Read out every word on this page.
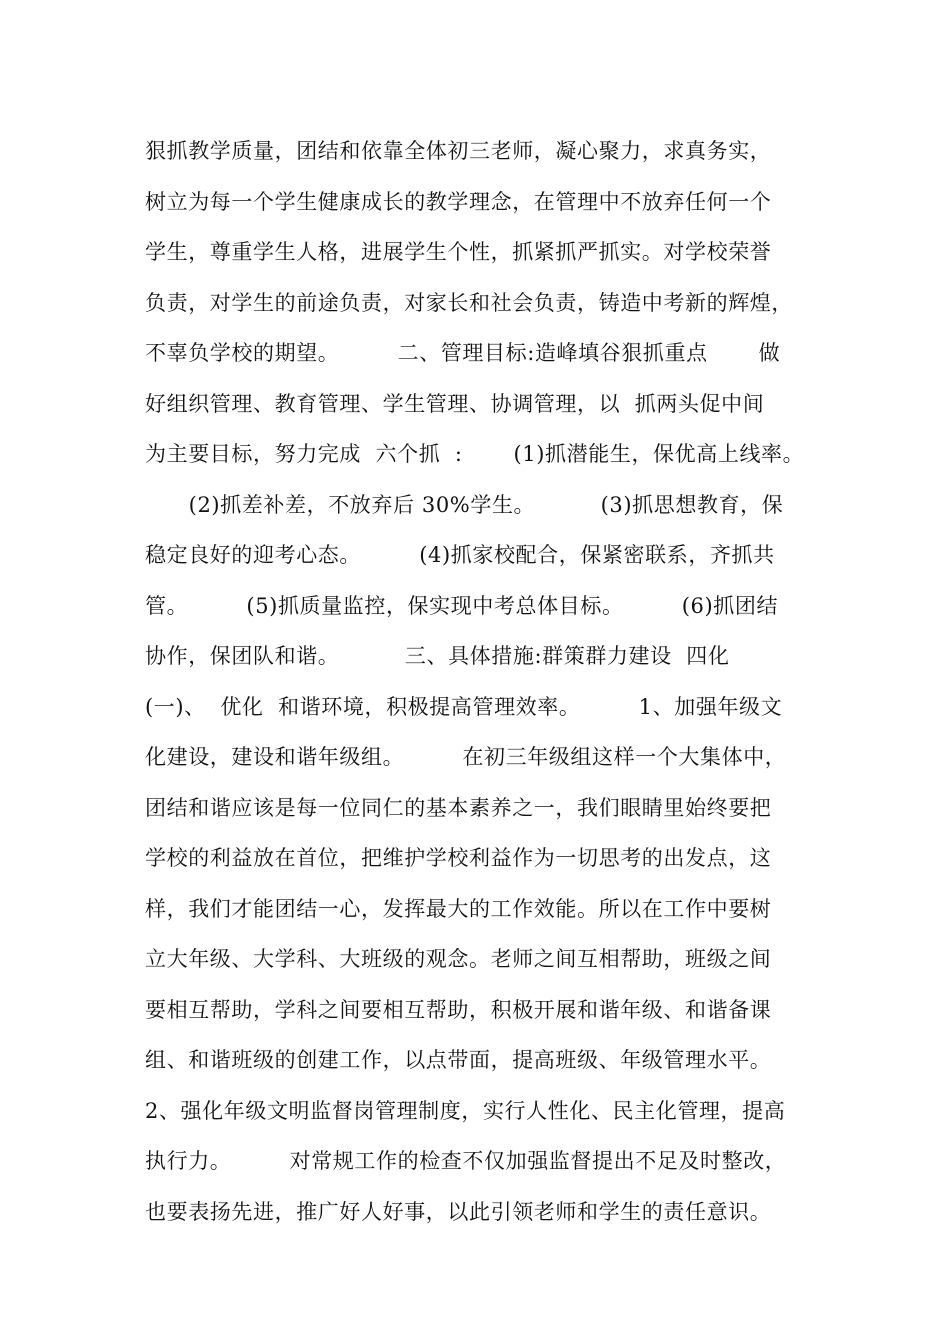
狠抓教学质量，团结和依靠全体初三老师，凝心聚力，求真务实，
树立为每一个学生健康成长的教学理念，在管理中不放弃任何一个
学生，尊重学生人格，进展学生个性，抓紧抓严抓实。对学校荣誉
负责，对学生的前途负责，对家长和社会负责，铸造中考新的辉煌，
不辜负学校的期望。        二、管理目标:造峰填谷狠抓重点       做
好组织管理、教育管理、学生管理、协调管理，以  抓两头促中间
为主要目标，努力完成  六个抓  :       (1)抓潜能生，保优高上线率。
(2)抓差补差，不放弃后 30%学生。         (3)抓思想教育，保
稳定良好的迎考心态。        (4)抓家校配合，保紧密联系，齐抓共
管。        (5)抓质量监控，保实现中考总体目标。        (6)抓团结
协作，保团队和谐。         三、具体措施:群策群力建设  四化
(一)、  优化  和谐环境，积极提高管理效率。        1、加强年级文
化建设，建设和谐年级组。        在初三年级组这样一个大集体中，
团结和谐应该是每一位同仁的基本素养之一，我们眼睛里始终要把
学校的利益放在首位，把维护学校利益作为一切思考的出发点，这
样，我们才能团结一心，发挥最大的工作效能。所以在工作中要树
立大年级、大学科、大班级的观念。老师之间互相帮助，班级之间
要相互帮助，学科之间要相互帮助，积极开展和谐年级、和谐备课
组、和谐班级的创建工作，以点带面，提高班级、年级管理水平。
2、强化年级文明监督岗管理制度，实行人性化、民主化管理，提高
执行力。        对常规工作的检查不仅加强监督提出不足及时整改，
也要表扬先进，推广好人好事，以此引领老师和学生的责任意识。
